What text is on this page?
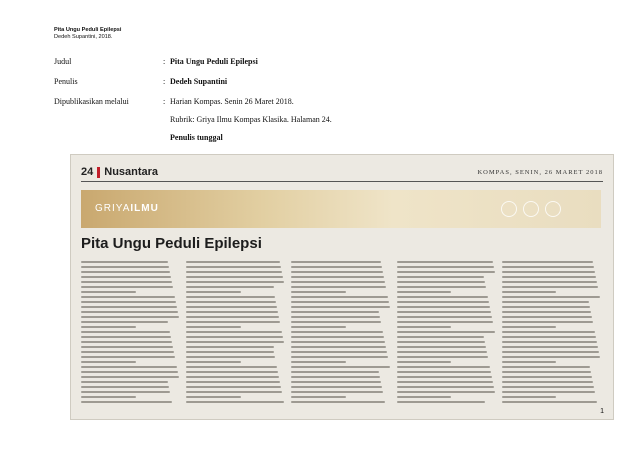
Pita Ungu Peduli Epilepsi
Dedeh Supantini, 2018.
Judul	: Pita Ungu Peduli Epilepsi
Penulis	: Dedeh Supantini
Dipublikasikan melalui	: Harian Kompas. Senin 26 Maret 2018.
Rubrik: Griya Ilmu Kompas Klasika. Halaman 24.
Penulis tunggal
24 Nusantara	KOMPAS, SENIN, 26 MARET 2018
GRIYAILMU
Pita Ungu Peduli Epilepsi
1
